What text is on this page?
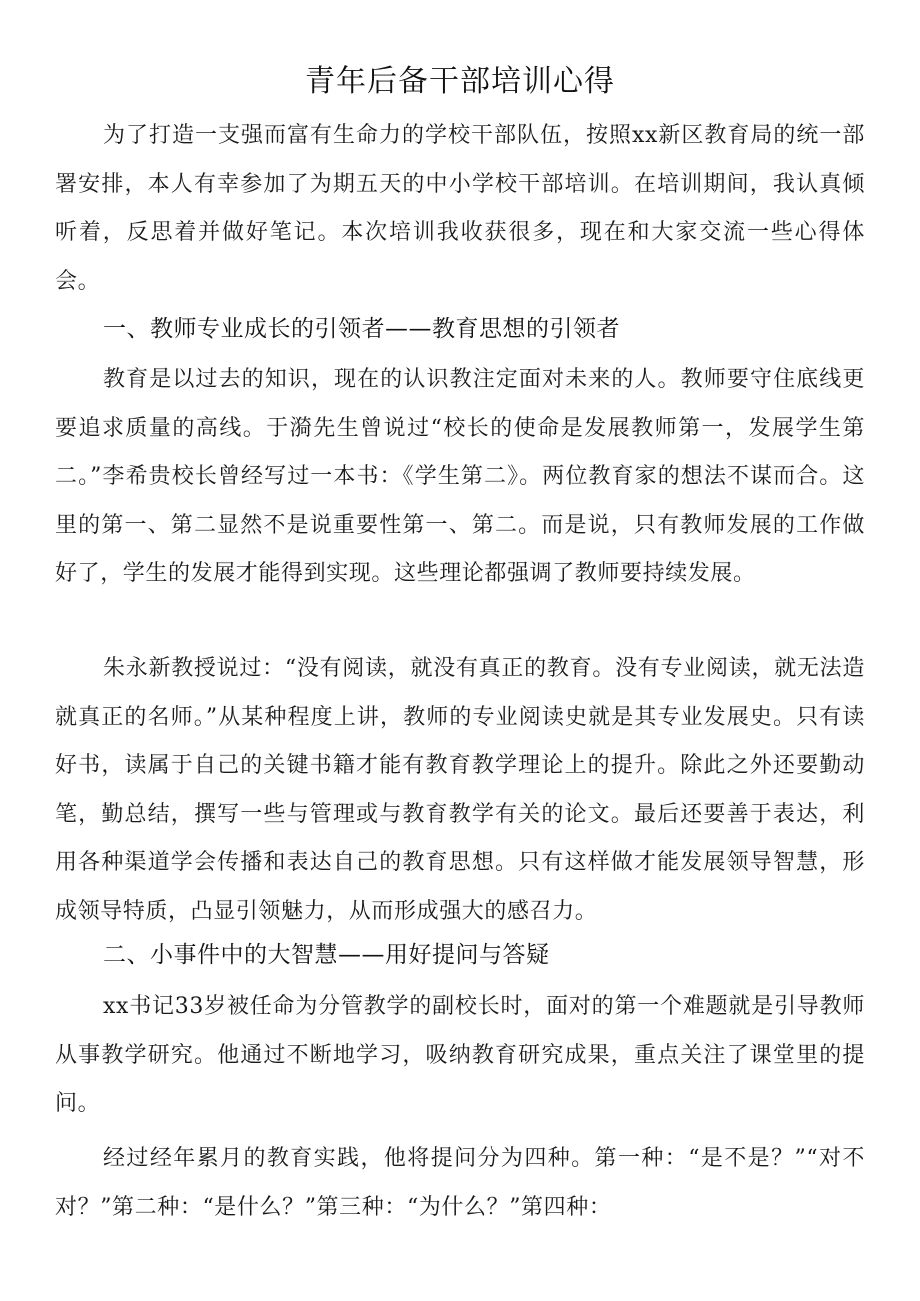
青年后备干部培训心得

为了打造一支强而富有生命力的学校干部队伍，按照xx新区教育局的统一部署安排，本人有幸参加了为期五天的中小学校干部培训。在培训期间，我认真倾听着，反思着并做好笔记。本次培训我收获很多，现在和大家交流一些心得体会。

一、教师专业成长的引领者——教育思想的引领者

教育是以过去的知识，现在的认识教注定面对未来的人。教师要守住底线更要追求质量的高线。于漪先生曾说过“校长的使命是发展教师第一，发展学生第二。”李希贵校长曾经写过一本书：《学生第二》。两位教育家的想法不谋而合。这里的第一、第二显然不是说重要性第一、第二。而是说，只有教师发展的工作做好了，学生的发展才能得到实现。这些理论都强调了教师要持续发展。

朱永新教授说过：“没有阅读，就没有真正的教育。没有专业阅读，就无法造就真正的名师。”从某种程度上讲，教师的专业阅读史就是其专业发展史。只有读好书，读属于自己的关键书籍才能有教育教学理论上的提升。除此之外还要勤动笔，勤总结，撰写一些与管理或与教育教学有关的论文。最后还要善于表达，利用各种渠道学会传播和表达自己的教育思想。只有这样做才能发展领导智慧，形成领导特质，凸显引领魅力，从而形成强大的感召力。

二、小事件中的大智慧——用好提问与答疑

xx书记33岁被任命为分管教学的副校长时，面对的第一个难题就是引导教师从事教学研究。他通过不断地学习，吸纳教育研究成果，重点关注了课堂里的提问。

经过经年累月的教育实践，他将提问分为四种。第一种：“是不是？”“对不对？”第二种：“是什么？”第三种：“为什么？”第四种：
